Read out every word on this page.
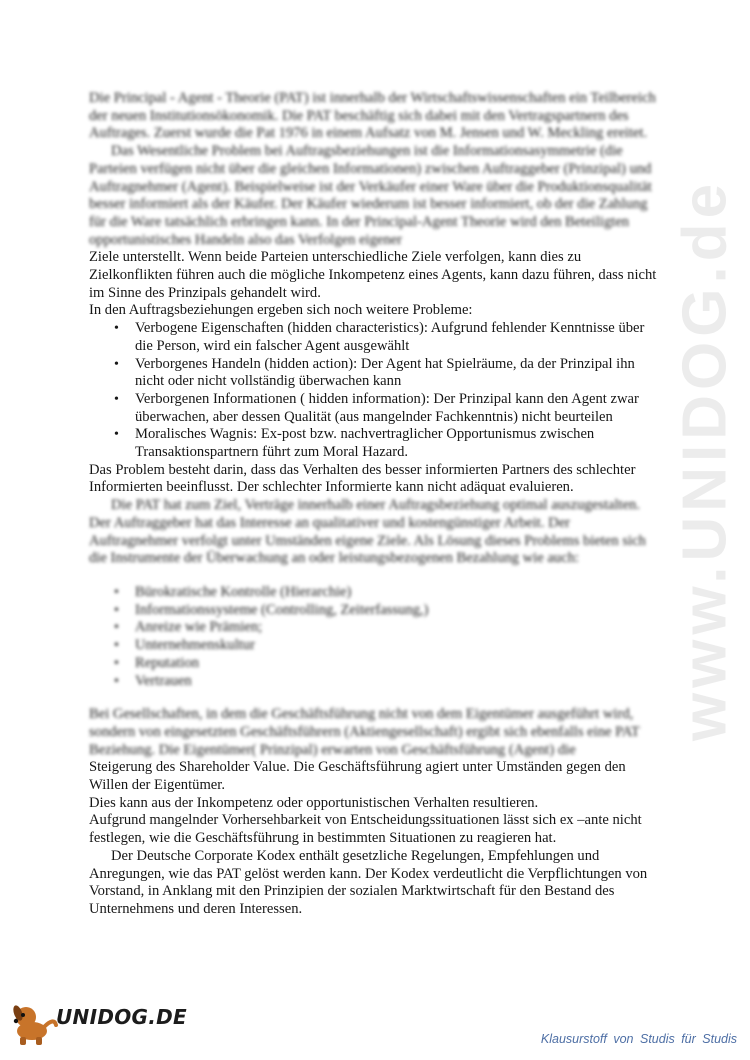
www.UNIDOG.de

Die Principal - Agent - Theorie (PAT) ist innerhalb der Wirtschaftswissenschaften ein Teilbereich der neuen Institutionsökonomik. Die PAT beschäftig sich dabei mit den Vertragspartnern des Auftrages. Zuerst wurde die Pat 1976 in einem Aufsatz von M. Jensen und W. Meckling ereitet.

Das Wesentliche Problem bei Auftragsbeziehungen ist die Informationsasymmetrie (die Parteien verfügen nicht über die gleichen Informationen) zwischen Auftraggeber (Prinzipal) und Auftragnehmer (Agent). Beispielweise ist der Verkäufer einer Ware über die Produktionsqualität besser informiert als der Käufer. Der Käufer wiederum ist besser informiert, ob der die Zahlung für die Ware tatsächlich erbringen kann. In der Principal-Agent Theorie wird den Beteiligten opportunistisches Handeln also das Verfolgen eigener

Ziele unterstellt. Wenn beide Parteien unterschiedliche Ziele verfolgen, kann dies zu Zielkonflikten führen auch die mögliche Inkompetenz eines Agents, kann dazu führen, dass nicht im Sinne des Prinzipals gehandelt wird.

In den Auftragsbeziehungen ergeben sich noch weitere Probleme:

• Verbogene Eigenschaften (hidden characteristics): Aufgrund fehlender Kenntnisse über die Person, wird ein falscher Agent ausgewählt
• Verborgenes Handeln (hidden action): Der Agent hat Spielräume, da der Prinzipal ihn nicht oder nicht vollständig überwachen kann
• Verborgenen Informationen ( hidden information): Der Prinzipal kann den Agent zwar überwachen, aber dessen Qualität (aus mangelnder Fachkenntnis) nicht beurteilen
• Moralisches Wagnis: Ex-post bzw. nachvertraglicher Opportunismus zwischen Transaktionspartnern führt zum Moral Hazard.

Das Problem besteht darin, dass das Verhalten des besser informierten Partners des schlechter Informierten beeinflusst. Der schlechter Informierte kann nicht adäquat evaluieren.

Die PAT hat zum Ziel, Verträge innerhalb einer Auftragsbeziehung optimal auszugestalten. Der Auftraggeber hat das Interesse an qualitativer und kostengünstiger Arbeit. Der Auftragnehmer verfolgt unter Umständen eigene Ziele. Als Lösung dieses Problems bieten sich die Instrumente der Überwachung an oder leistungsbezogenen Bezahlung wie auch:

• Bürokratische Kontrolle (Hierarchie)
• Informationssysteme (Controlling, Zeiterfassung,)
• Anreize wie Prämien;
• Unternehmenskultur
• Reputation
• Vertrauen

Bei Gesellschaften, in dem die Geschäftsführung nicht von dem Eigentümer ausgeführt wird, sondern von eingesetzten Geschäftsführern (Aktiengesellschaft) ergibt sich ebenfalls eine PAT Beziehung. Die Eigentümer( Prinzipal) erwarten von Geschäftsführung (Agent) die

Steigerung des Shareholder Value. Die Geschäftsführung agiert unter Umständen gegen den Willen der Eigentümer.

Dies kann aus der Inkompetenz oder opportunistischen Verhalten resultieren.

Aufgrund mangelnder Vorhersehbarkeit von Entscheidungssituationen lässt sich ex –ante nicht festlegen, wie die Geschäftsführung in bestimmten Situationen zu reagieren hat.

Der Deutsche Corporate Kodex enthält gesetzliche Regelungen, Empfehlungen und Anregungen, wie das PAT gelöst werden kann. Der Kodex verdeutlicht die Verpflichtungen von Vorstand, in Anklang mit den Prinzipien der sozialen Marktwirtschaft für den Bestand des Unternehmens und deren Interessen.

UNIDOG.DE
Klausurstoff von Studis für Studis
